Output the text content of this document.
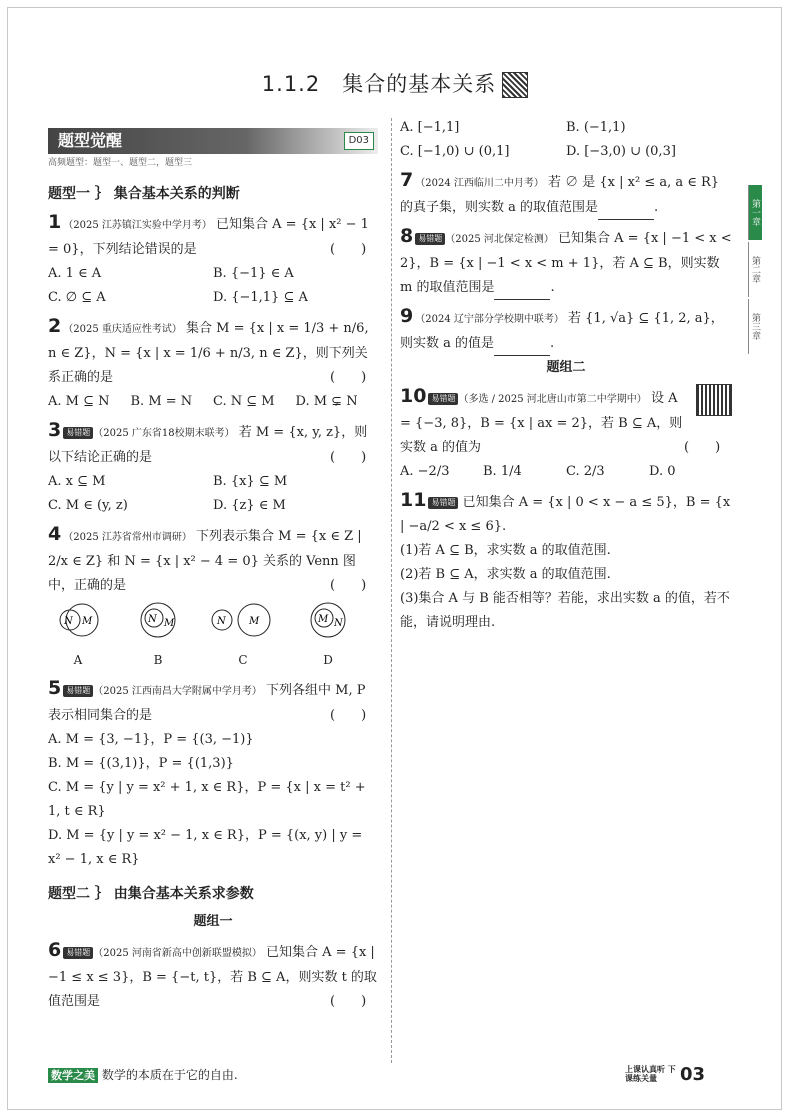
1.1.2　集合的基本关系
题型觉醒	D03
高频题型：题型一、题型二，题型三
题型一 ｝ 集合基本关系的判断
1 （2025 江苏镇江实验中学月考） 已知集合 A = {x | x² − 1 = 0}，下列结论错误的是	(　　)
A. 1 ∈ A	B. {−1} ∈ A
C. ∅ ⊆ A	D. {−1,1} ⊆ A
2 （2025 重庆适应性考试） 集合 M = {x | x = 1/3 + n/6, n ∈ Z}，N = {x | x = 1/6 + n/3, n ∈ Z}，则下列关系正确的是	(　　)
A. M ⊆ N	B. M = N	C. N ⊆ M	D. M ⊊ N
3 易错题 （2025 广东省18校期末联考） 若 M = {x, y, z}，则以下结论正确的是	(　　)
A. x ⊆ M	B. {x} ⊆ M
C. M ∈ (y, z)	D. {z} ∈ M
4 （2025 江苏省常州市调研） 下列表示集合 M = {x ∈ Z | 2/x ∈ Z} 和 N = {x | x² − 4 = 0} 关系的 Venn 图中，正确的是	(　　)
N M
A
N M
B
N M
C
M N
D
5 易错题 （2025 江西南昌大学附属中学月考） 下列各组中 M, P 表示相同集合的是	(　　)
A. M = {3, −1}，P = {(3, −1)}
B. M = {(3,1)}，P = {(1,3)}
C. M = {y | y = x² + 1, x ∈ R}，P = {x | x = t² + 1, t ∈ R}
D. M = {y | y = x² − 1, x ∈ R}，P = {(x, y) | y = x² − 1, x ∈ R}
题型二 ｝ 由集合基本关系求参数
题组一
6 易错题 （2025 河南省新高中创新联盟模拟） 已知集合 A = {x | −1 ≤ x ≤ 3}，B = {−t, t}，若 B ⊆ A，则实数 t 的取值范围是	(　　)
A. [−1,1]	B. (−1,1)
C. [−1,0) ∪ (0,1]	D. [−3,0) ∪ (0,3]
7 （2024 江西临川二中月考） 若 ∅ 是 {x | x² ≤ a, a ∈ R} 的真子集，则实数 a 的取值范围是	.
8 易错题 （2025 河北保定检测） 已知集合 A = {x | −1 < x < 2}，B = {x | −1 < x < m + 1}，若 A ⊆ B，则实数 m 的取值范围是	.
9 （2024 辽宁部分学校期中联考） 若 {1, √a} ⊆ {1, 2, a}，则实数 a 的值是	.
题组二
10 易错题 （多选 / 2025 河北唐山市第二中学期中） 设 A = {−3, 8}，B = {x | ax = 2}，若 B ⊆ A，则实数 a 的值为	(　　)
A. −2/3	B. 1/4	C. 2/3	D. 0
11 易错题 已知集合 A = {x | 0 < x − a ≤ 5}，B = {x | −a/2 < x ≤ 6}.
(1)若 A ⊆ B，求实数 a 的取值范围.
(2)若 B ⊆ A，求实数 a 的取值范围.
(3)集合 A 与 B 能否相等？若能，求出实数 a 的值，若不能，请说明理由.
第一章
第二章
第三章
数学之美 数学的本质在于它的自由.	上课认真听 下课练关量	03
